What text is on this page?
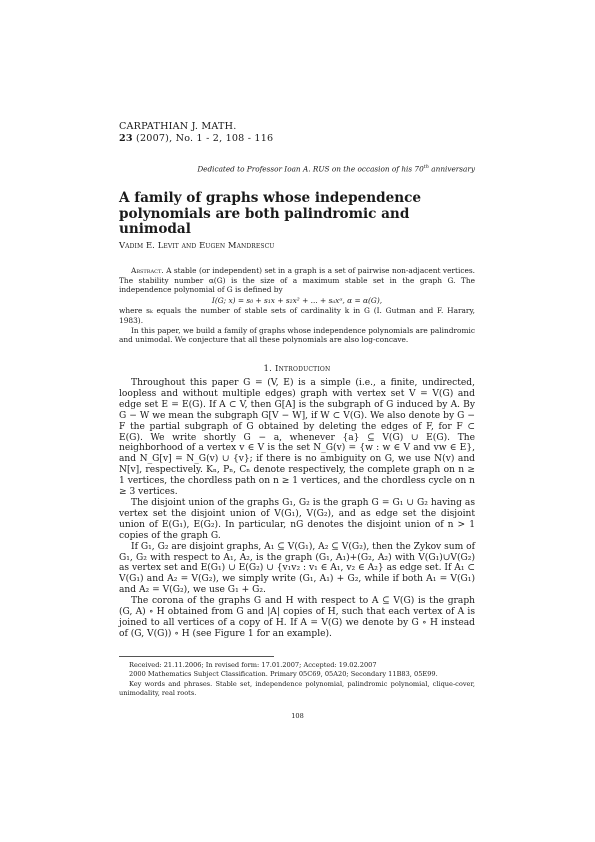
CARPATHIAN J. MATH.
23 (2007), No. 1 - 2, 108 - 116
Dedicated to Professor Ioan A. RUS on the occasion of his 70th anniversary
A family of graphs whose independence polynomials are both palindromic and unimodal
Vadim E. Levit and Eugen Mandrescu

Abstract. A stable (or independent) set in a graph is a set of pairwise non-adjacent vertices. The stability number α(G) is the size of a maximum stable set in the graph G. The independence polynomial of G is defined by

I(G; x) = s₀ + s₁x + s₂x² + ... + sₐxᵅ, α = α(G),

where sₖ equals the number of stable sets of cardinality k in G (I. Gutman and F. Harary, 1983).

In this paper, we build a family of graphs whose independence polynomials are palindromic and unimodal. We conjecture that all these polynomials are also log-concave.

1. Introduction

Throughout this paper G = (V, E) is a simple (i.e., a finite, undirected, loopless and without multiple edges) graph with vertex set V = V(G) and edge set E = E(G). If A ⊂ V, then G[A] is the subgraph of G induced by A. By G − W we mean the subgraph G[V − W], if W ⊂ V(G). We also denote by G − F the partial subgraph of G obtained by deleting the edges of F, for F ⊂ E(G). We write shortly G − a, whenever {a} ⊆ V(G) ∪ E(G). The neighborhood of a vertex v ∈ V is the set N_G(v) = {w : w ∈ V and vw ∈ E}, and N_G[v] = N_G(v) ∪ {v}; if there is no ambiguity on G, we use N(v) and N[v], respectively. Kₙ, Pₙ, Cₙ denote respectively, the complete graph on n ≥ 1 vertices, the chordless path on n ≥ 1 vertices, and the chordless cycle on n ≥ 3 vertices.

The disjoint union of the graphs G₁, G₂ is the graph G = G₁ ∪ G₂ having as vertex set the disjoint union of V(G₁), V(G₂), and as edge set the disjoint union of E(G₁), E(G₂). In particular, nG denotes the disjoint union of n > 1 copies of the graph G.

If G₁, G₂ are disjoint graphs, A₁ ⊆ V(G₁), A₂ ⊆ V(G₂), then the Zykov sum of G₁, G₂ with respect to A₁, A₂, is the graph (G₁, A₁)+(G₂, A₂) with V(G₁)∪V(G₂) as vertex set and E(G₁) ∪ E(G₂) ∪ {v₁v₂ : v₁ ∈ A₁, v₂ ∈ A₂} as edge set. If A₁ ⊂ V(G₁) and A₂ = V(G₂), we simply write (G₁, A₁) + G₂, while if both A₁ = V(G₁) and A₂ = V(G₂), we use G₁ + G₂.

The corona of the graphs G and H with respect to A ⊆ V(G) is the graph (G, A) ∘ H obtained from G and |A| copies of H, such that each vertex of A is joined to all vertices of a copy of H. If A = V(G) we denote by G ∘ H instead of (G, V(G)) ∘ H (see Figure 1 for an example).

Received: 21.11.2006; In revised form: 17.01.2007; Accepted: 19.02.2007

2000 Mathematics Subject Classification. Primary 05C69, 05A20; Secondary 11B83, 05E99.

Key words and phrases. Stable set, independence polynomial, palindromic polynomial, clique-cover, unimodality, real roots.

108
